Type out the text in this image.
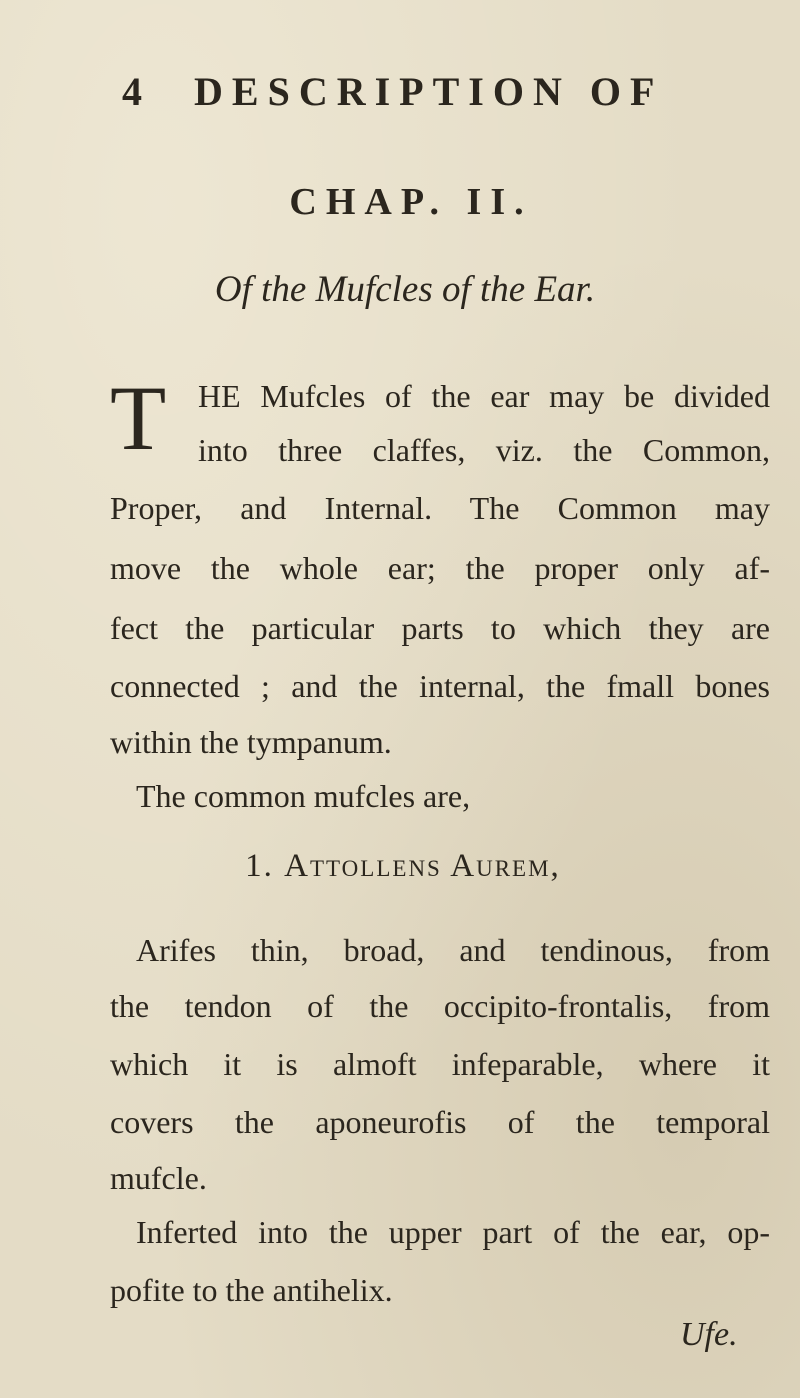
4 DESCRIPTION OF
CHAP. II.
Of the Mufcles of the Ear.
T HE Mufcles of the ear may be divided
into three claffes, viz. the Common,
Proper, and Internal. The Common may
move the whole ear; the proper only af-
fect the particular parts to which they are
connected ; and the internal, the fmall bones
within the tympanum.
The common mufcles are,
1. Attollens Aurem,
Arifes thin, broad, and tendinous, from
the tendon of the occipito-frontalis, from
which it is almoft infeparable, where it
covers the aponeurofis of the temporal
mufcle.
Inferted into the upper part of the ear, op-
pofite to the antihelix.
Ufe.
